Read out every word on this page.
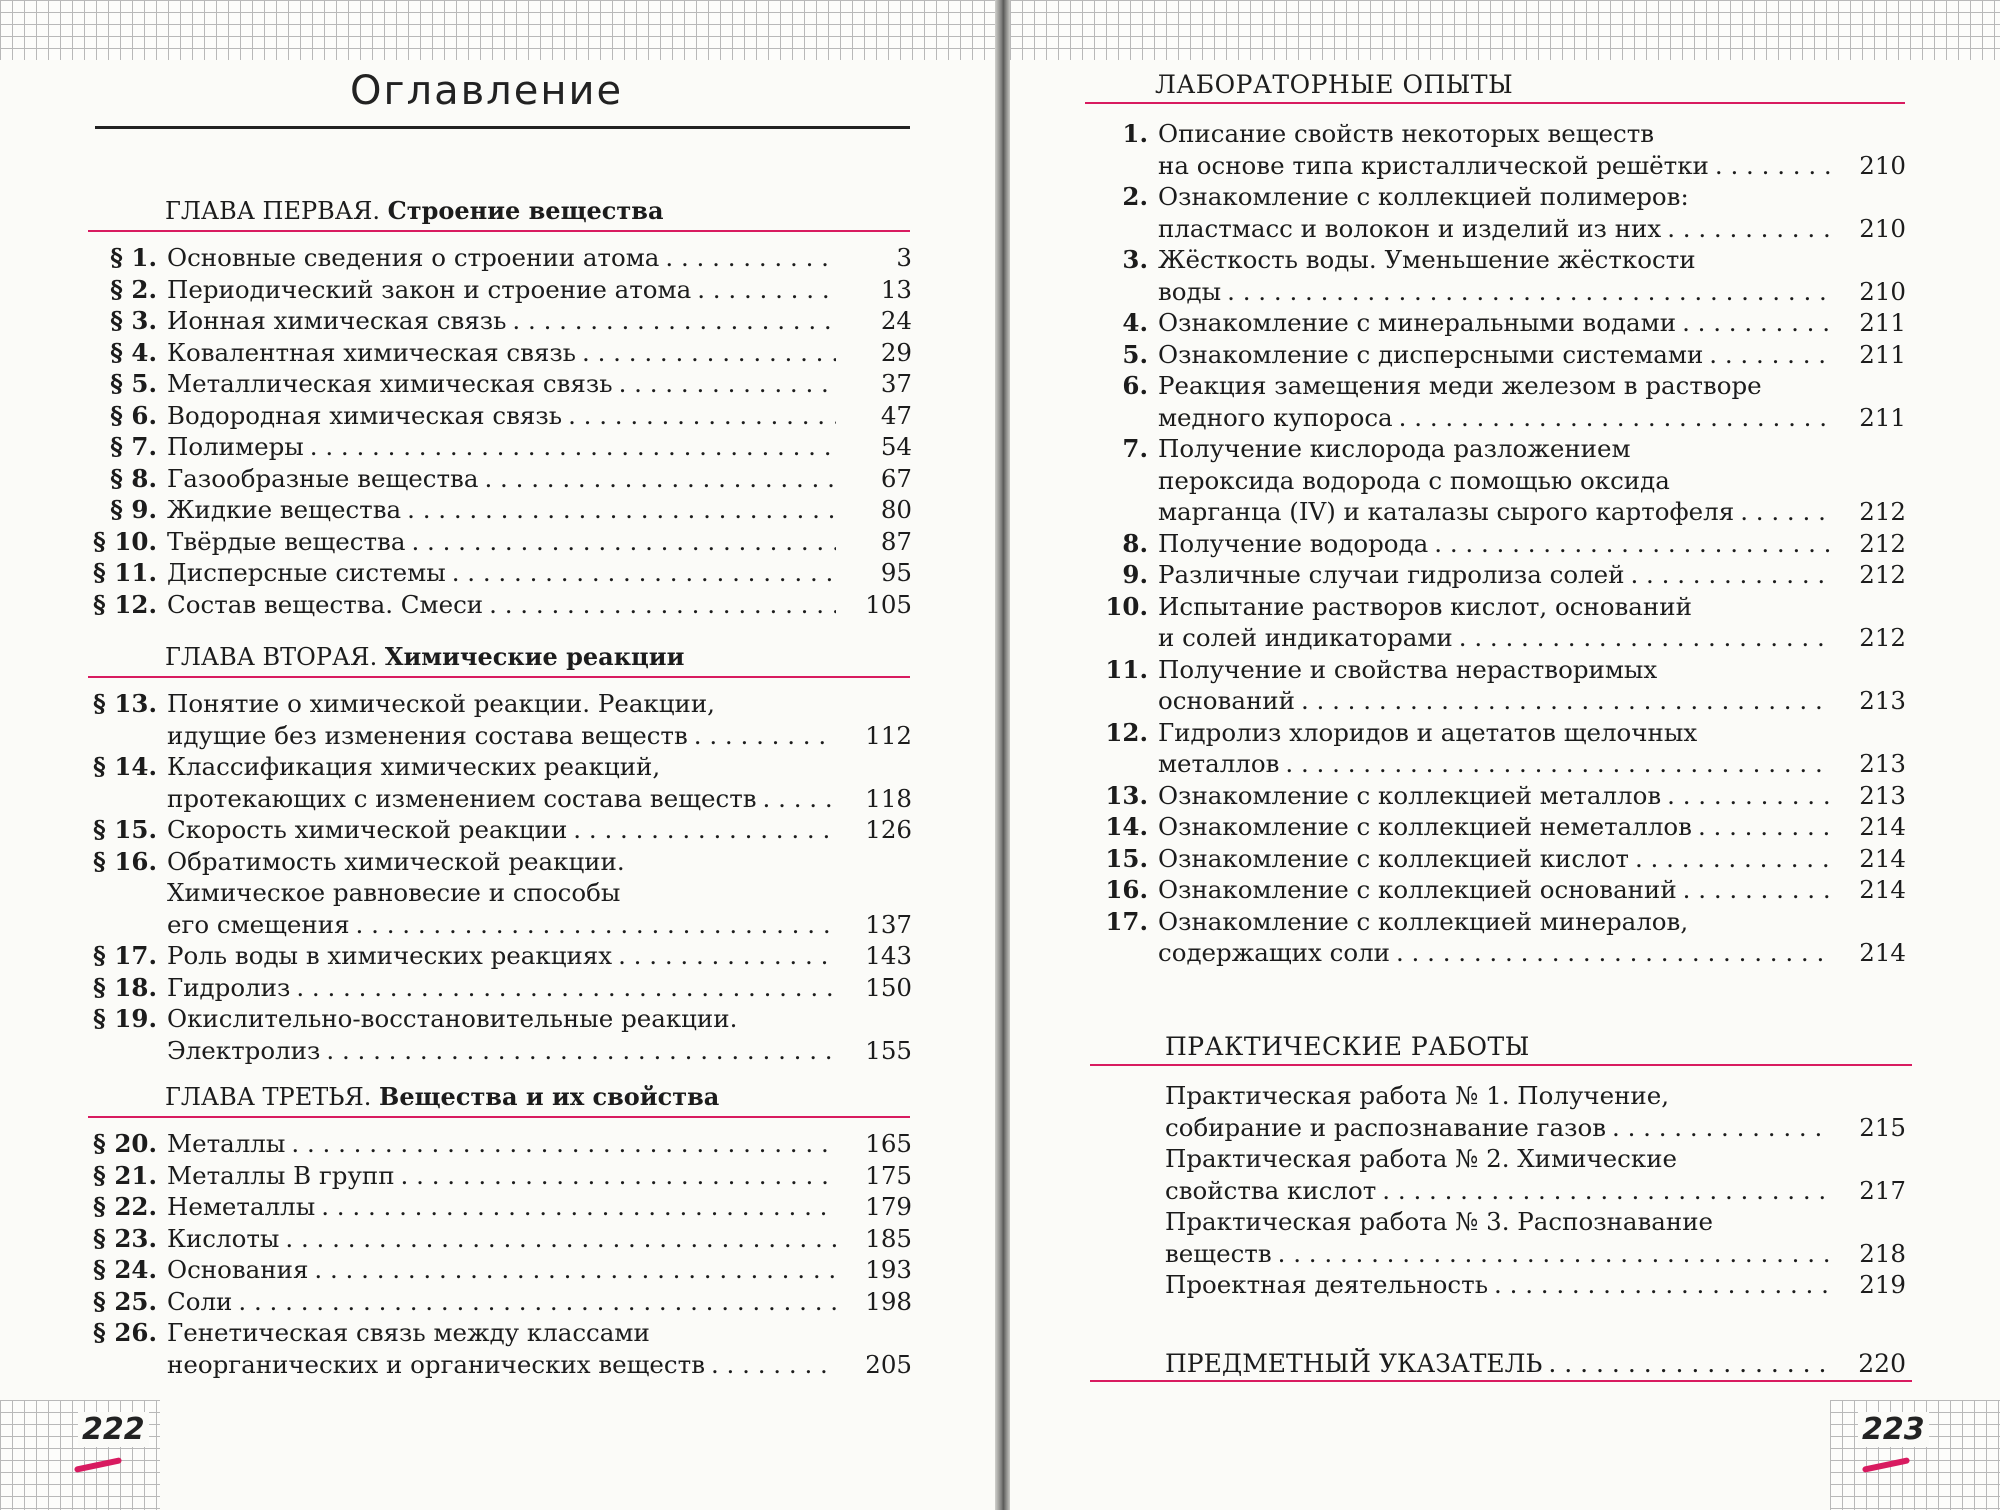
Оглавление
ГЛАВА ПЕРВАЯ. Строение вещества
§ 1. Основные сведения о строении атома . . .	3
§ 2. Периодический закон и строение атома . . .	13
§ 3. Ионная химическая связь . . .	24
§ 4. Ковалентная химическая связь . . .	29
§ 5. Металлическая химическая связь . . .	37
§ 6. Водородная химическая связь . . .	47
§ 7. Полимеры . . .	54
§ 8. Газообразные вещества . . .	67
§ 9. Жидкие вещества . . .	80
§ 10. Твёрдые вещества . . .	87
§ 11. Дисперсные системы . . .	95
§ 12. Состав вещества. Смеси . . .	105
ГЛАВА ВТОРАЯ. Химические реакции
§ 13. Понятие о химической реакции. Реакции,
идущие без изменения состава веществ . . .	112
§ 14. Классификация химических реакций,
протекающих с изменением состава веществ . . .	118
§ 15. Скорость химической реакции . . .	126
§ 16. Обратимость химической реакции.
Химическое равновесие и способы
его смещения . . .	137
§ 17. Роль воды в химических реакциях . . .	143
§ 18. Гидролиз . . .	150
§ 19. Окислительно-восстановительные реакции.
Электролиз . . .	155
ГЛАВА ТРЕТЬЯ. Вещества и их свойства
§ 20. Металлы . . .	165
§ 21. Металлы В групп . . .	175
§ 22. Неметаллы . . .	179
§ 23. Кислоты . . .	185
§ 24. Основания . . .	193
§ 25. Соли . . .	198
§ 26. Генетическая связь между классами
неорганических и органических веществ . . .	205
ЛАБОРАТОРНЫЕ ОПЫТЫ
1. Описание свойств некоторых веществ
на основе типа кристаллической решётки . . .	210
2. Ознакомление с коллекцией полимеров:
пластмасс и волокон и изделий из них . . .	210
3. Жёсткость воды. Уменьшение жёсткости
воды . . .	210
4. Ознакомление с минеральными водами . . .	211
5. Ознакомление с дисперсными системами . . .	211
6. Реакция замещения меди железом в растворе
медного купороса . . .	211
7. Получение кислорода разложением
пероксида водорода с помощью оксида
марганца (IV) и каталазы сырого картофеля . . .	212
8. Получение водорода . . .	212
9. Различные случаи гидролиза солей . . .	212
10. Испытание растворов кислот, оснований
и солей индикаторами . . .	212
11. Получение и свойства нерастворимых
оснований . . .	213
12. Гидролиз хлоридов и ацетатов щелочных
металлов . . .	213
13. Ознакомление с коллекцией металлов . . .	213
14. Ознакомление с коллекцией неметаллов . . .	214
15. Ознакомление с коллекцией кислот . . .	214
16. Ознакомление с коллекцией оснований . . .	214
17. Ознакомление с коллекцией минералов,
содержащих соли . . .	214
ПРАКТИЧЕСКИЕ РАБОТЫ
Практическая работа № 1. Получение,
собирание и распознавание газов . . .	215
Практическая работа № 2. Химические
свойства кислот . . .	217
Практическая работа № 3. Распознавание
веществ . . .	218
Проектная деятельность . . .	219
ПРЕДМЕТНЫЙ УКАЗАТЕЛЬ . . .	220
222	223
